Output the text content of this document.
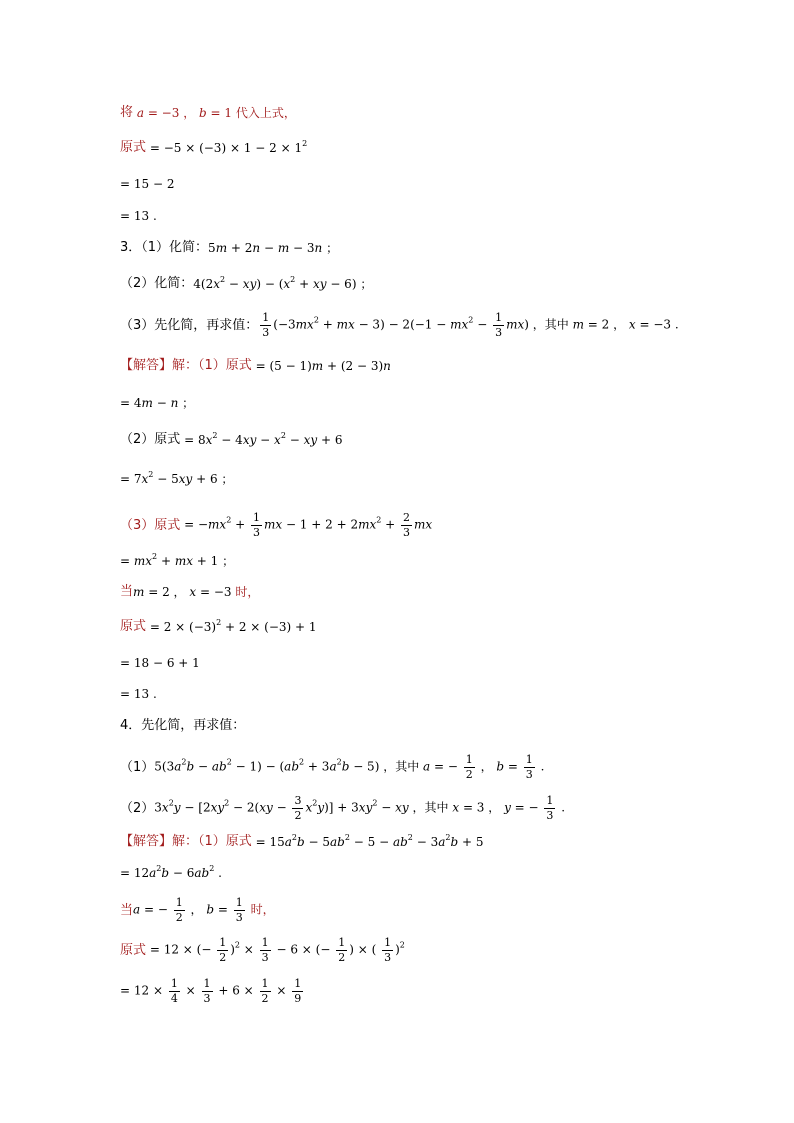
将 a = −3 ， b = 1 代入上式，
原式 = $-5 \times (-3) \times 1 - 2 \times 1^2$
= 15 − 2
= 13 .
3．（1）化简： 5m + 2n − m − 3n ；
（2）化简： $4(2x^2 - xy) - (x^2$ + xy − 6) ；
（3）先化简，再求值： $\frac{1}{3} (-3mx^2$ + mx − $3) - 2(-1 - mx^2 - \frac{1}{3} mx)$ ，其中 m = 2 ， x = −3 .
【解答】解：（1）原式 = (5 − 1)m + (2 − 3)n
= 4m − n ；
（2）原式 = $8x^2 - 4xy - x^2$ − xy + 6
= $7x^2 - 5xy + 6$ ；
（3）原式 = $-mx^2 + \frac{1}{3}$ mx − $1 + 2 + 2mx^2 + \frac{2}{3}$ mx
= $mx^2$ + mx + 1 ；
当 m = 2 ， x = −3 时，
原式 = $2 \times (-3)^2 + 2 \times (-3) + 1$
= 18 − 6 + 1
= 13 .
4．先化简，再求值：
（1） $5(3a^2b - ab^2 - 1) - (ab^2 + 3a^2b - 5)$ ，其中 a = − $\frac{1}{2}$ ， $b = \frac{1}{3}$ .
（2） $3x^2y - [2xy^2 - 2(xy - \frac{3}{2} x^2y)] + 3xy^2$ − xy ，其中 x = 3 ， y = − $\frac{1}{3}$ .
【解答】解：（1）原式 = $15a^2b - 5ab^2 - 5 - ab^2 - 3a^2b + 5$
= $12a^2b - 6ab^2$ .
当 a = − $\frac{1}{2}$ ， $b = \frac{1}{3}$ 时，
原式 = 12 × (− $\frac{1}{2} )^2 \times \frac{1}{3} - 6$ × (− $\frac{1}{2}$ ) × ( $\frac{1}{3} )^2$
= $12 \times \frac{1}{4} \times \frac{1}{3} + 6 \times \frac{1}{2} \times \frac{1}{9}$
